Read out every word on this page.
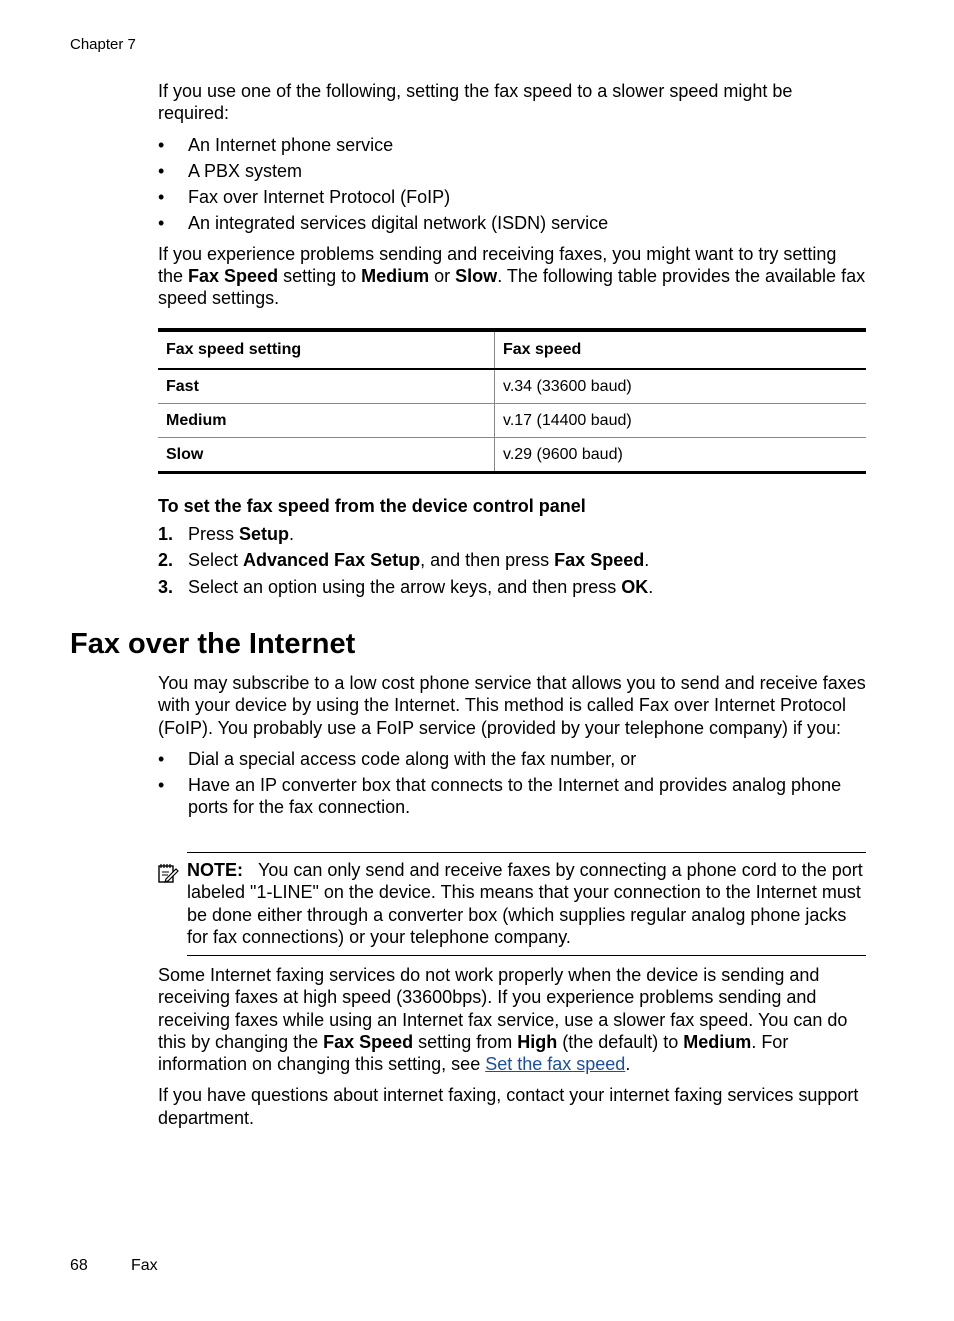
Chapter 7

If you use one of the following, setting the fax speed to a slower speed might be required:

• An Internet phone service
• A PBX system
• Fax over Internet Protocol (FoIP)
• An integrated services digital network (ISDN) service

If you experience problems sending and receiving faxes, you might want to try setting the Fax Speed setting to Medium or Slow. The following table provides the available fax speed settings.

Fax speed setting	Fax speed
Fast	v.34 (33600 baud)
Medium	v.17 (14400 baud)
Slow	v.29 (9600 baud)
To set the fax speed from the device control panel
1. Press Setup.
2. Select Advanced Fax Setup, and then press Fax Speed.
3. Select an option using the arrow keys, and then press OK.
Fax over the Internet

You may subscribe to a low cost phone service that allows you to send and receive faxes with your device by using the Internet. This method is called Fax over Internet Protocol (FoIP). You probably use a FoIP service (provided by your telephone company) if you:

• Dial a special access code along with the fax number, or
• Have an IP converter box that connects to the Internet and provides analog phone ports for the fax connection.
NOTE: You can only send and receive faxes by connecting a phone cord to the port labeled "1-LINE" on the device. This means that your connection to the Internet must be done either through a converter box (which supplies regular analog phone jacks for fax connections) or your telephone company.

Some Internet faxing services do not work properly when the device is sending and receiving faxes at high speed (33600bps). If you experience problems sending and receiving faxes while using an Internet fax service, use a slower fax speed. You can do this by changing the Fax Speed setting from High (the default) to Medium. For information on changing this setting, see Set the fax speed.

If you have questions about internet faxing, contact your internet faxing services support department.

68	Fax
